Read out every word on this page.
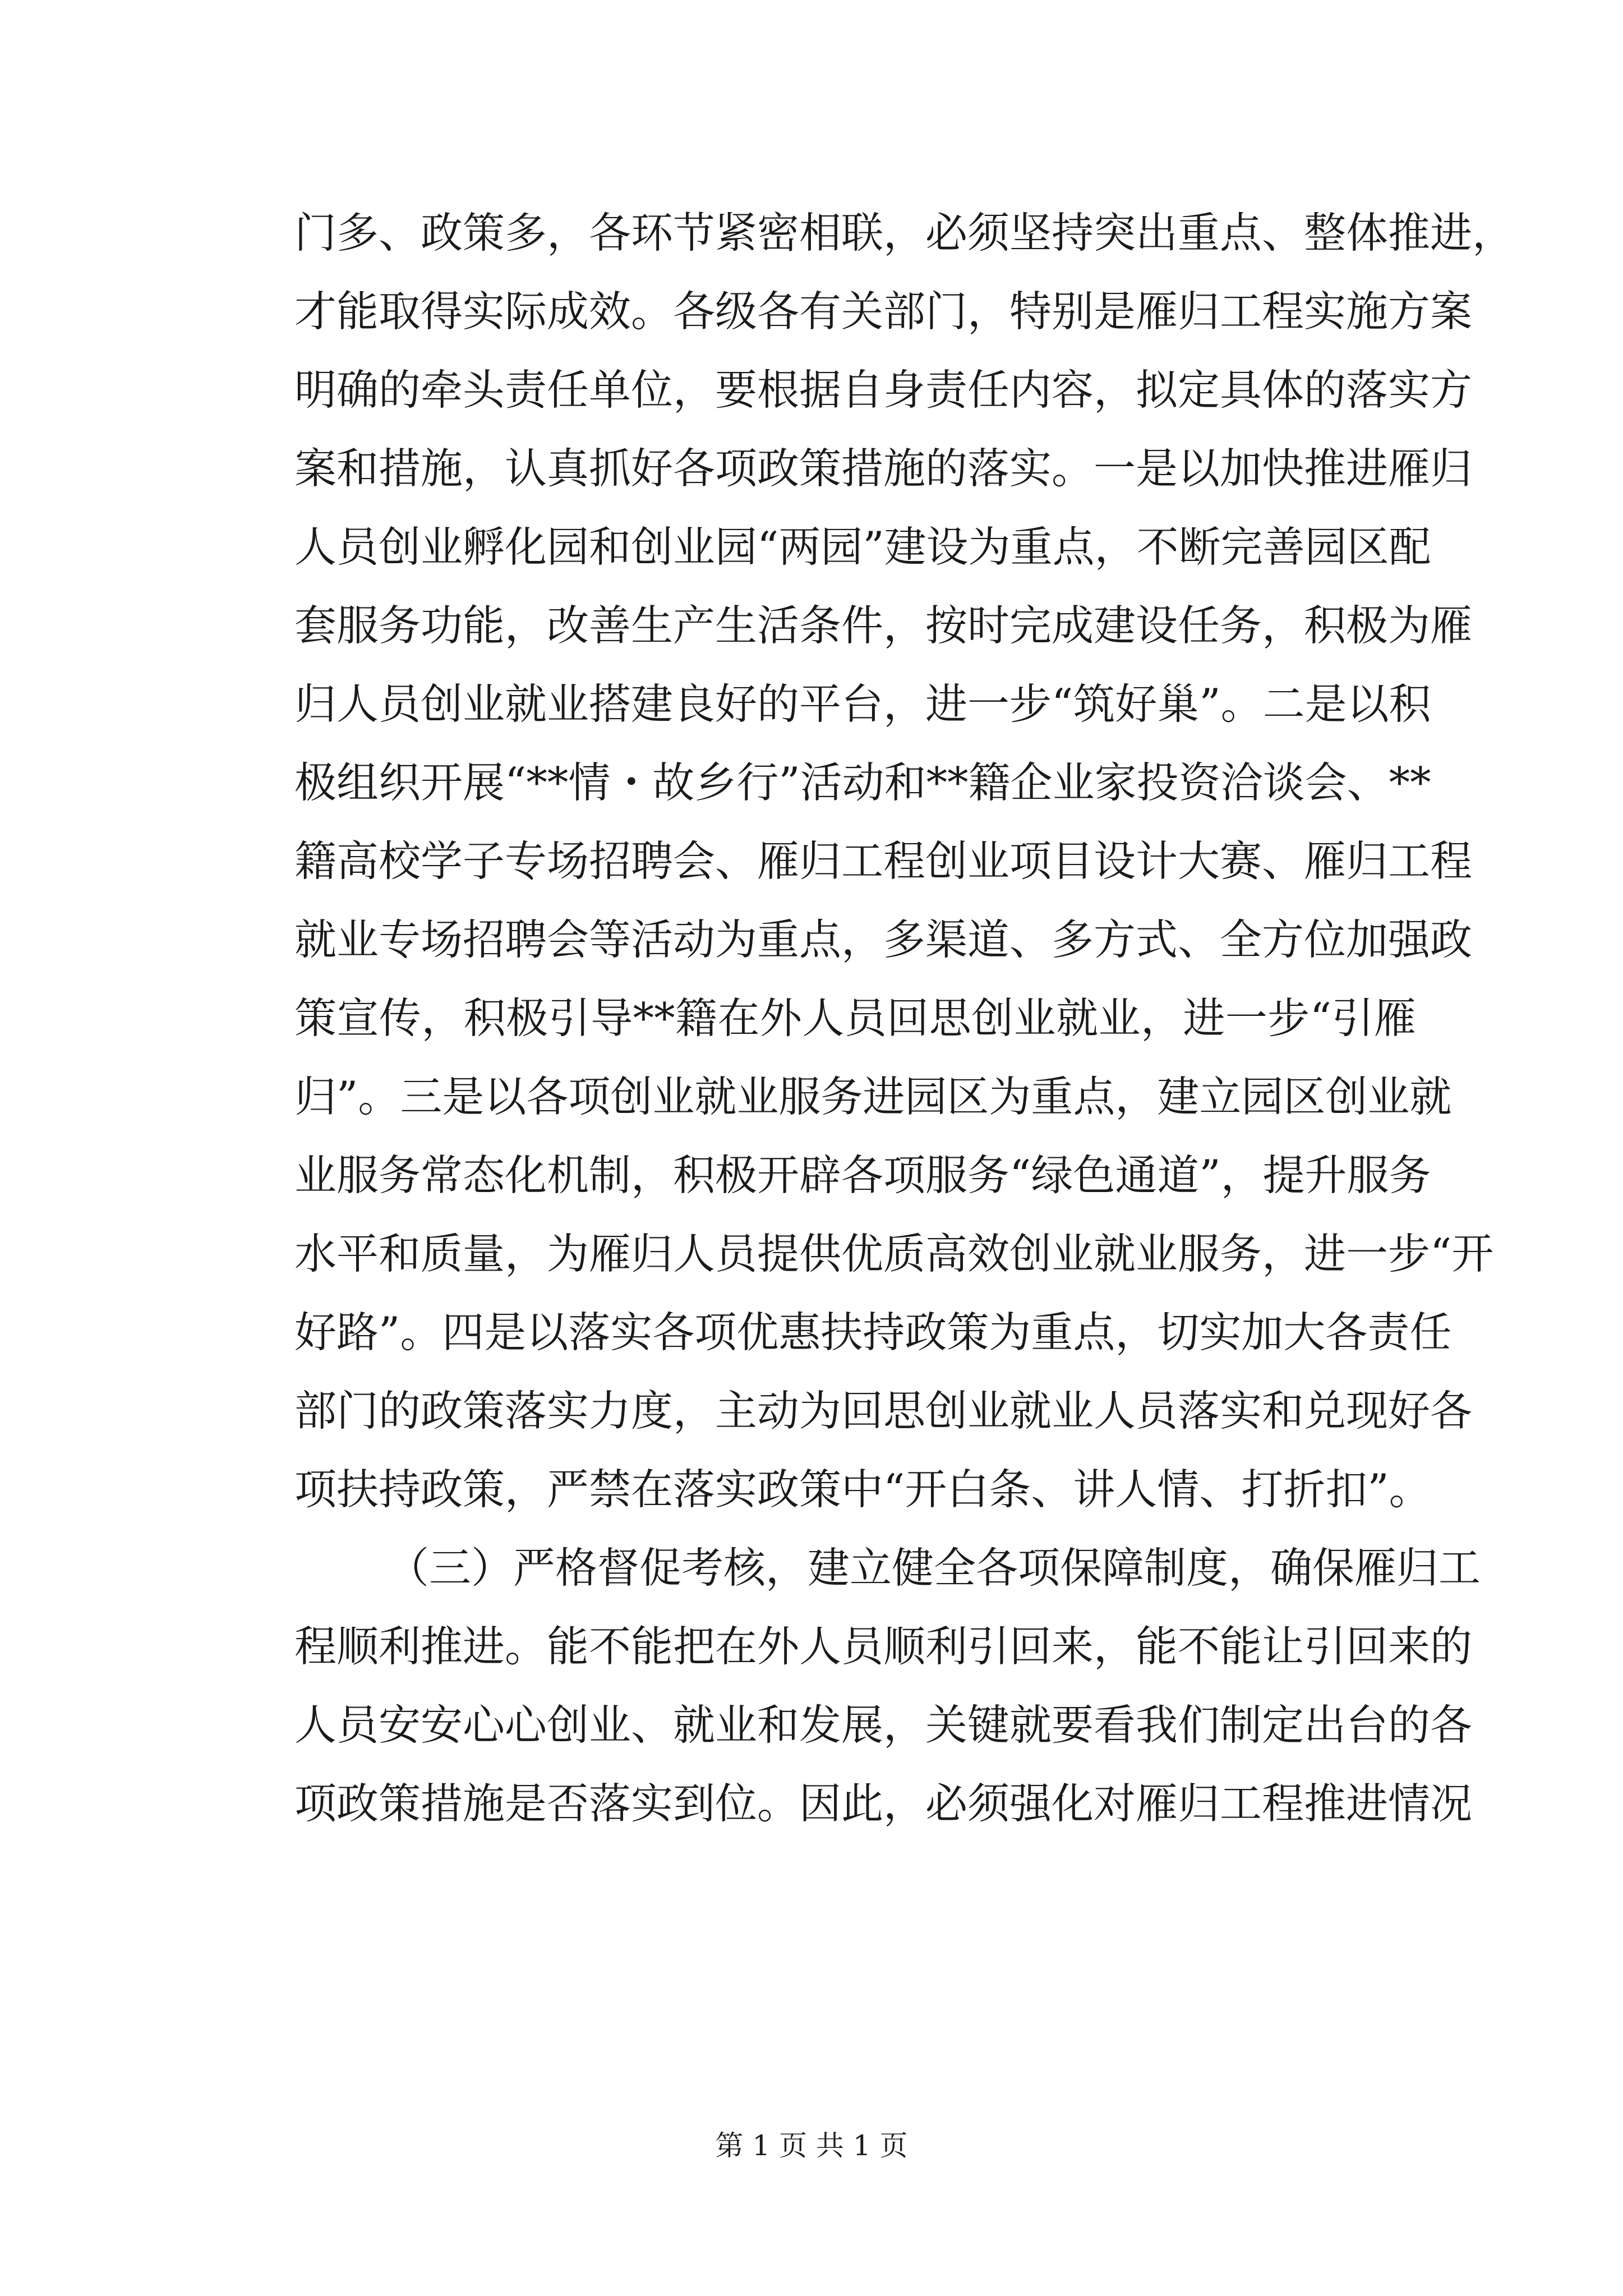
门多、政策多，各环节紧密相联，必须坚持突出重点、整体推进，
才能取得实际成效。各级各有关部门，特别是雁归工程实施方案
明确的牵头责任单位，要根据自身责任内容，拟定具体的落实方
案和措施，认真抓好各项政策措施的落实。一是以加快推进雁归
人员创业孵化园和创业园“两园”建设为重点，不断完善园区配
套服务功能，改善生产生活条件，按时完成建设任务，积极为雁
归人员创业就业搭建良好的平台，进一步“筑好巢”。二是以积
极组织开展“**情・故乡行”活动和**籍企业家投资洽谈会、**
籍高校学子专场招聘会、雁归工程创业项目设计大赛、雁归工程
就业专场招聘会等活动为重点，多渠道、多方式、全方位加强政
策宣传，积极引导**籍在外人员回思创业就业，进一步“引雁
归”。三是以各项创业就业服务进园区为重点，建立园区创业就
业服务常态化机制，积极开辟各项服务“绿色通道”，提升服务
水平和质量，为雁归人员提供优质高效创业就业服务，进一步“开
好路”。四是以落实各项优惠扶持政策为重点，切实加大各责任
部门的政策落实力度，主动为回思创业就业人员落实和兑现好各
项扶持政策，严禁在落实政策中“开白条、讲人情、打折扣”。
（三）严格督促考核，建立健全各项保障制度，确保雁归工
程顺利推进。能不能把在外人员顺利引回来，能不能让引回来的
人员安安心心创业、就业和发展，关键就要看我们制定出台的各
项政策措施是否落实到位。因此，必须强化对雁归工程推进情况
第 1 页 共 1 页
